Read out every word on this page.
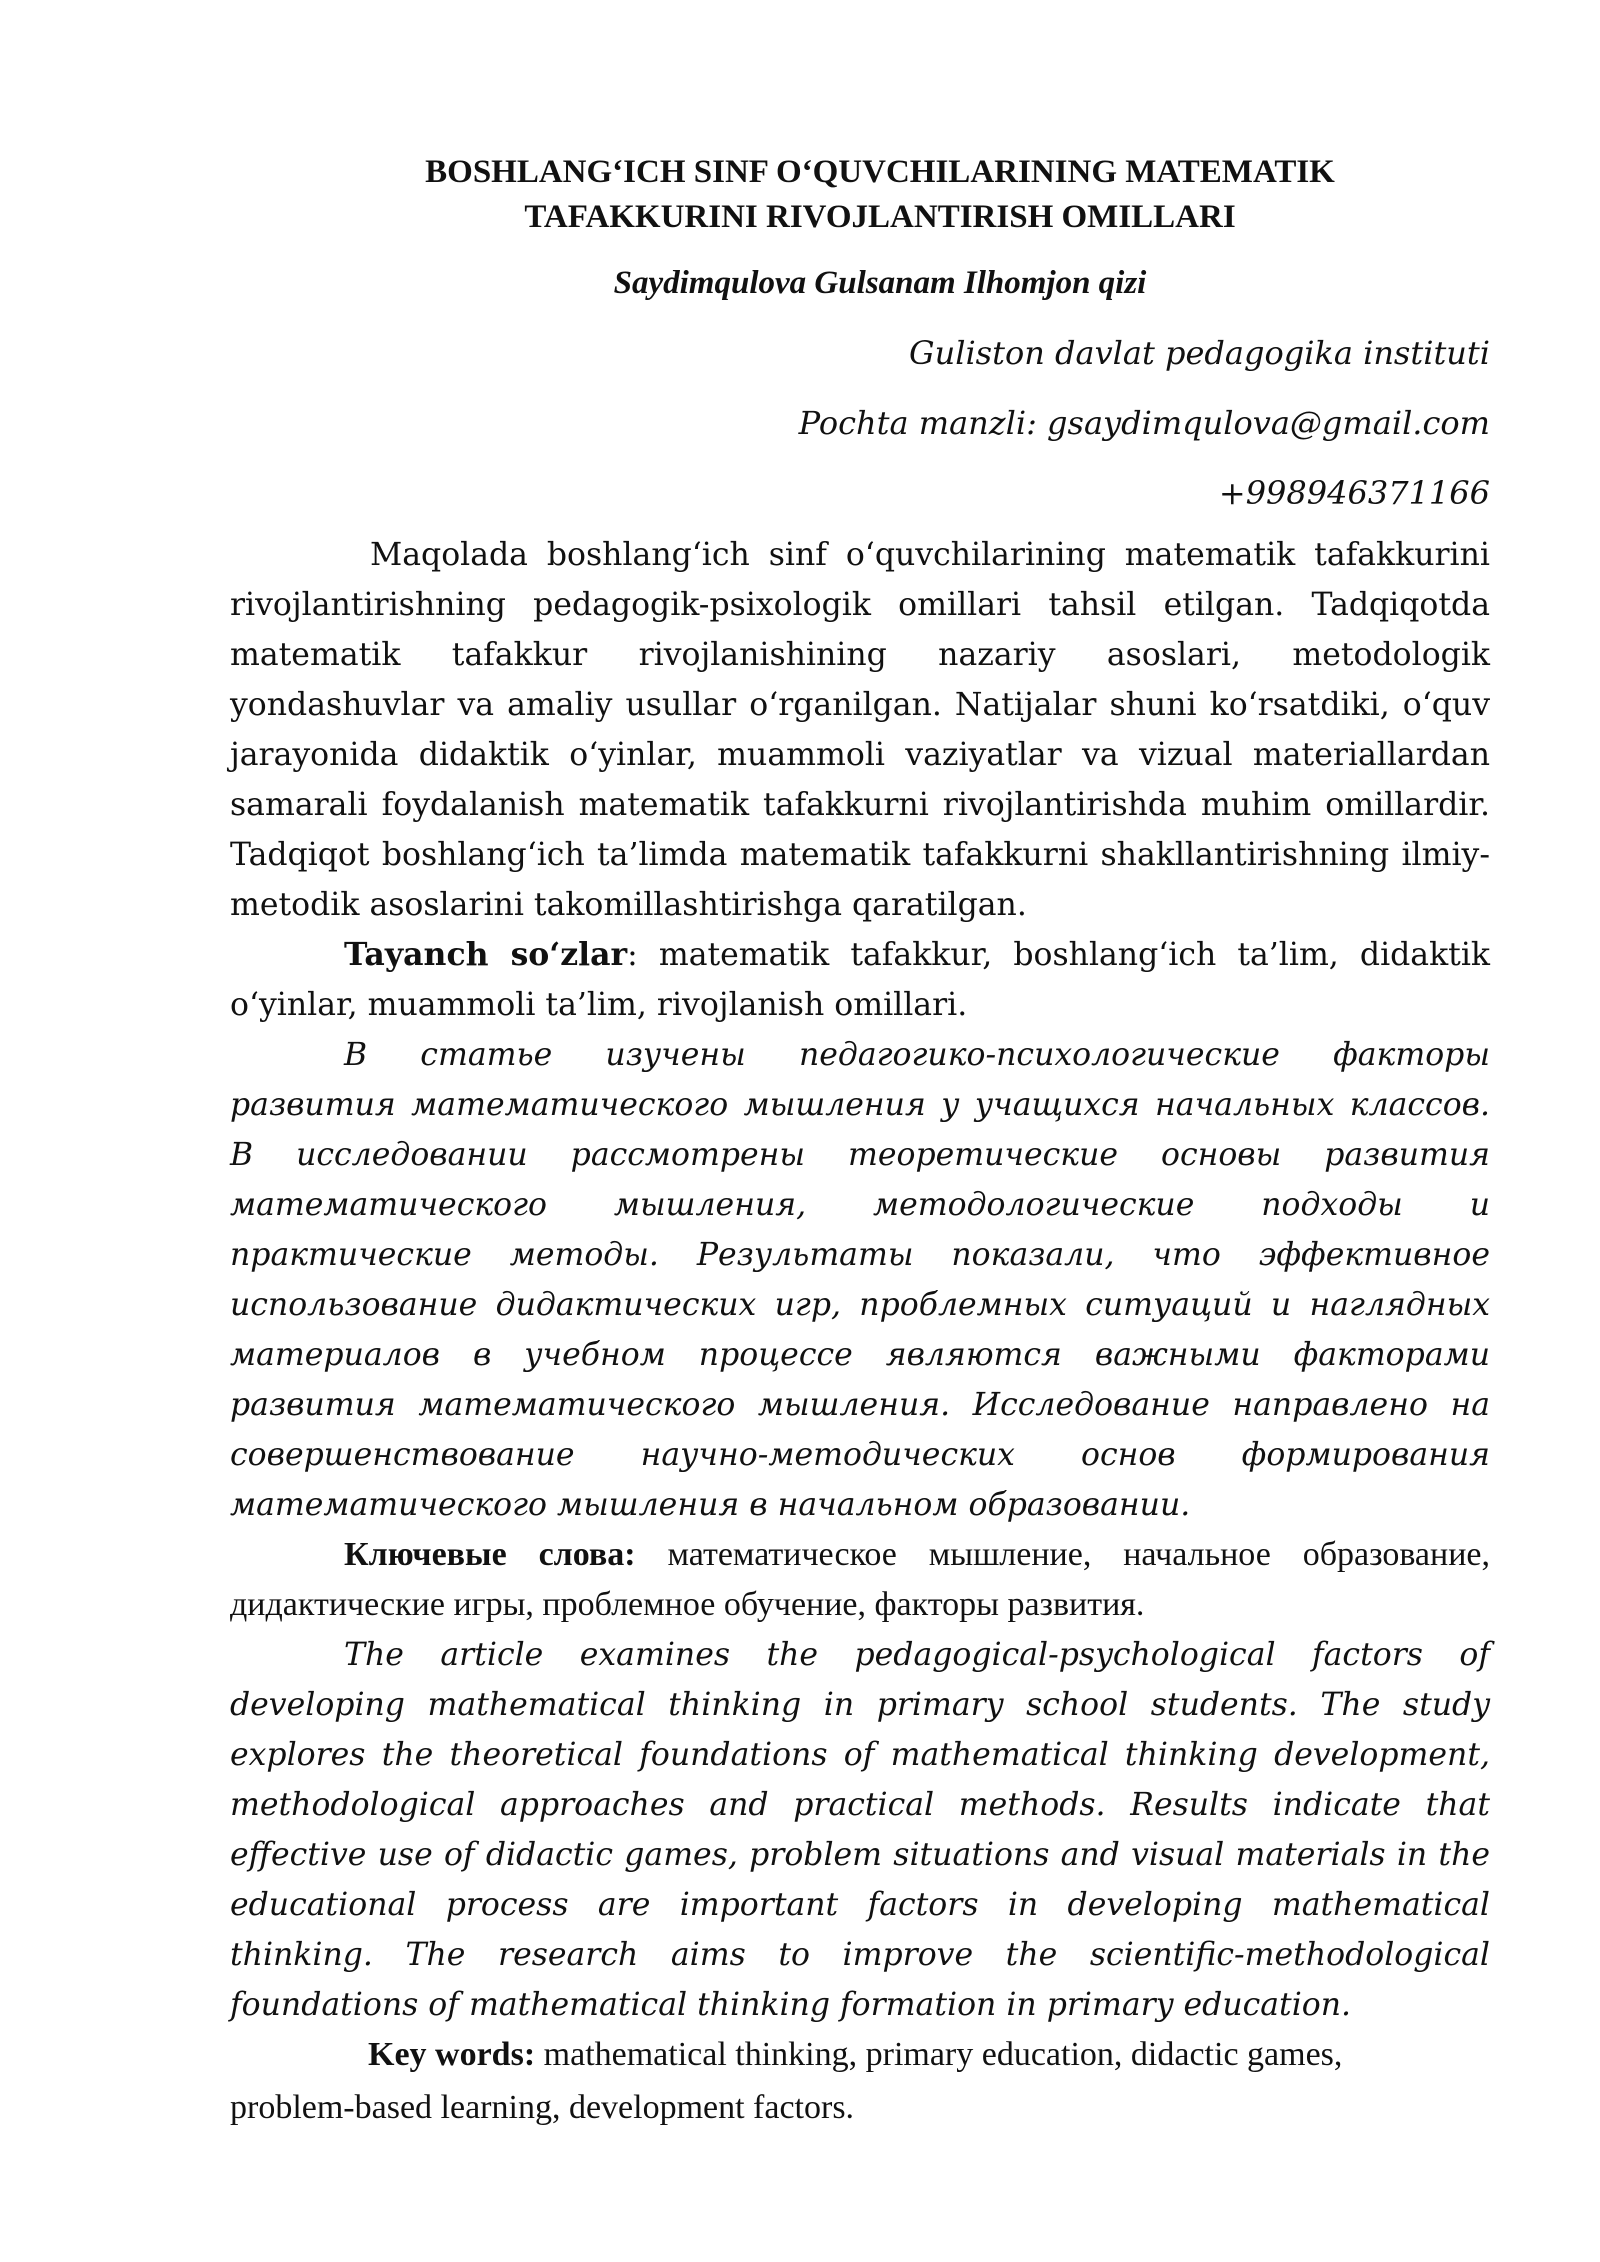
BOSHLANG‘ICH SINF O‘QUVCHILARINING MATEMATIK
TAFAKKURINI RIVOJLANTIRISH OMILLARI

Saydimqulova Gulsanam Ilhomjon qizi

Guliston davlat pedagogika instituti

Pochta manzli: gsaydimqulova@gmail.com

+998946371166

Maqolada boshlang‘ich sinf o‘quvchilarining matematik tafakkurini rivojlantirishning pedagogik-psixologik omillari tahsil etilgan. Tadqiqotda matematik tafakkur rivojlanishining nazariy asoslari, metodologik yondashuvlar va amaliy usullar o‘rganilgan. Natijalar shuni ko‘rsatdiki, o‘quv jarayonida didaktik o‘yinlar, muammoli vaziyatlar va vizual materiallardan samarali foydalanish matematik tafakkurni rivojlantirishda muhim omillardir. Tadqiqot boshlang‘ich ta’limda matematik tafakkurni shakllantirishning ilmiy-metodik asoslarini takomillashtirishga qaratilgan.

Tayanch so‘zlar: matematik tafakkur, boshlang‘ich ta’lim, didaktik o‘yinlar, muammoli ta’lim, rivojlanish omillari.

В статье изучены педагогико-психологические факторы развития математического мышления у учащихся начальных классов. В исследовании рассмотрены теоретические основы развития математического мышления, методологические подходы и практические методы. Результаты показали, что эффективное использование дидактических игр, проблемных ситуаций и наглядных материалов в учебном процессе являются важными факторами развития математического мышления. Исследование направлено на совершенствование научно-методических основ формирования математического мышления в начальном образовании.

Ключевые слова: математическое мышление, начальное образование, дидактические игры, проблемное обучение, факторы развития.

The article examines the pedagogical-psychological factors of developing mathematical thinking in primary school students. The study explores the theoretical foundations of mathematical thinking development, methodological approaches and practical methods. Results indicate that effective use of didactic games, problem situations and visual materials in the educational process are important factors in developing mathematical thinking. The research aims to improve the scientific-methodological foundations of mathematical thinking formation in primary education.

Key words: mathematical thinking, primary education, didactic games,

problem-based learning, development factors.
